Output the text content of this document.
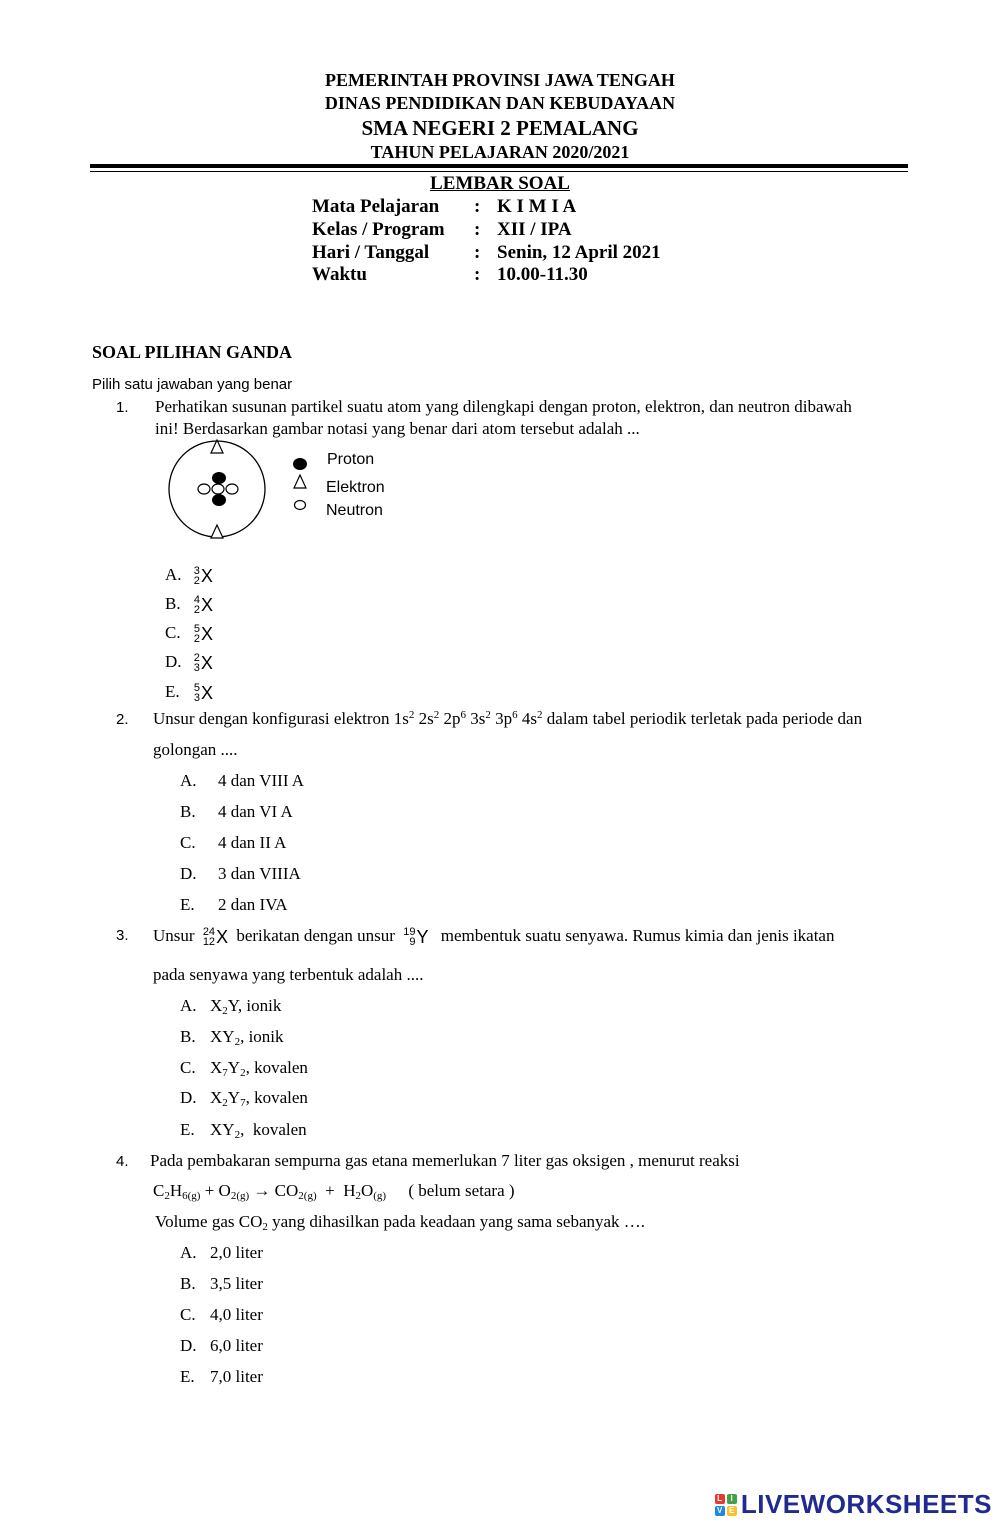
PEMERINTAH PROVINSI JAWA TENGAH
DINAS PENDIDIKAN DAN KEBUDAYAAN
SMA NEGERI 2 PEMALANG
TAHUN PELAJARAN 2020/2021
LEMBAR SOAL
Mata Pelajaran : K I M I A
Kelas / Program : XII / IPA
Hari / Tanggal : Senin, 12 April 2021
Waktu	: 10.00-11.30
SOAL PILIHAN GANDA
Pilih satu jawaban yang benar
1. Perhatikan susunan partikel suatu atom yang dilengkapi dengan proton, elektron, dan neutron dibawah
ini! Berdasarkan gambar notasi yang benar dari atom tersebut adalah ...
Proton
Elektron
Neutron
A. 3
2 X
B. 4
2 X
C. 5
2 X
D. 2
3 X
E. 5
3 X
2. Unsur dengan konfigurasi elektron $1s^2$ $2s^2$ $2p^6$ $3s^2$ $3p^6$ $4s^2$ dalam tabel periodik terletak pada periode dan
golongan ....
A. 4 dan VIII A
B. 4 dan VI A
C. 4 dan II A
D. 3 dan VIIIA
E. 2 dan IVA
3. Unsur 24
12 X berikatan dengan unsur 19
9 Y membentuk suatu senyawa. Rumus kimia dan jenis ikatan
pada senyawa yang terbentuk adalah ....
A. $X_2Y$, ionik
B. $XY_2$, ionik
C. $X_7Y_2$, kovalen
D. $X_2Y_7$, kovalen
E. $XY_2$,  kovalen
4. Pada pembakaran sempurna gas etana memerlukan 7 liter gas oksigen , menurut reaksi
$C_2H_{6(g)} + O_{2(g)} \to CO_{2(g)} + H_2O_{(g)}$ ( belum setara )
Volume gas $CO_2$ yang dihasilkan pada keadaan yang sama sebanyak ….
A. 2,0 liter
B. 3,5 liter
C. 4,0 liter
D. 6,0 liter
E. 7,0 liter
L I
V E LIVEWORKSHEETS
